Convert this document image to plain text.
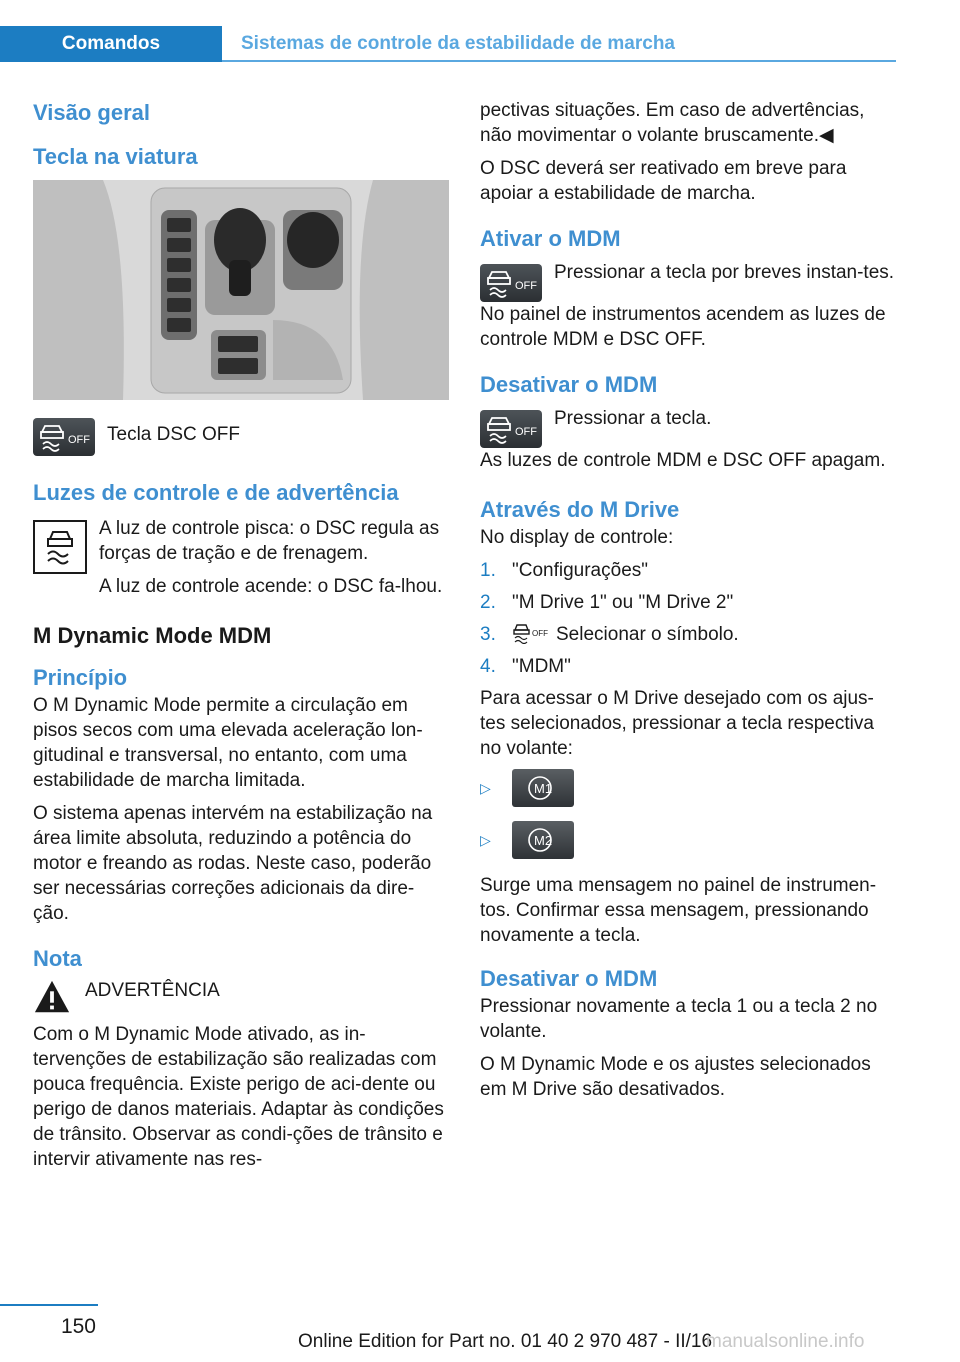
Comandos	Sistemas de controle da estabilidade de marcha
Visão geral
Tecla na viatura
OFF Tecla DSC OFF
Luzes de controle e de advertência

A luz de controle pisca: o DSC regula as forças de tração e de frenagem.

A luz de controle acende: o DSC fa-lhou.

M Dynamic Mode MDM
Princípio

O M Dynamic Mode permite a circulação em pisos secos com uma elevada aceleração lon-gitudinal e transversal, no entanto, com uma estabilidade de marcha limitada.

O sistema apenas intervém na estabilização na área limite absoluta, reduzindo a potência do motor e freando as rodas. Neste caso, poderão ser necessárias correções adicionais da dire-ção.

Nota
ADVERTÊNCIA

Com o M Dynamic Mode ativado, as in-tervenções de estabilização são realizadas com pouca frequência. Existe perigo de aci-dente ou perigo de danos materiais. Adaptar às condições de trânsito. Observar as condi-ções de trânsito e intervir ativamente nas res-

pectivas situações. Em caso de advertências, não movimentar o volante bruscamente.◀

O DSC deverá ser reativado em breve para apoiar a estabilidade de marcha.

Ativar o MDM
OFF

Pressionar a tecla por breves instan-tes.

No painel de instrumentos acendem as luzes de controle MDM e DSC OFF.

Desativar o MDM
OFF

Pressionar a tecla.

As luzes de controle MDM e DSC OFF apagam.

Através do M Drive

No display de controle:

1. "Configurações"
2. "M Drive 1" ou "M Drive 2"
3.	OFF Selecionar o símbolo.
4. "MDM"

Para acessar o M Drive desejado com os ajus-tes selecionados, pressionar a tecla respectiva no volante:

▷	M1
▷	M2

Surge uma mensagem no painel de instrumen-tos. Confirmar essa mensagem, pressionando novamente a tecla.

Desativar o MDM

Pressionar novamente a tecla 1 ou a tecla 2 no volante.

O M Dynamic Mode e os ajustes selecionados em M Drive são desativados.

150
Online Edition for Part no. 01 40 2 970 487 - II/16
manualsonline.info
